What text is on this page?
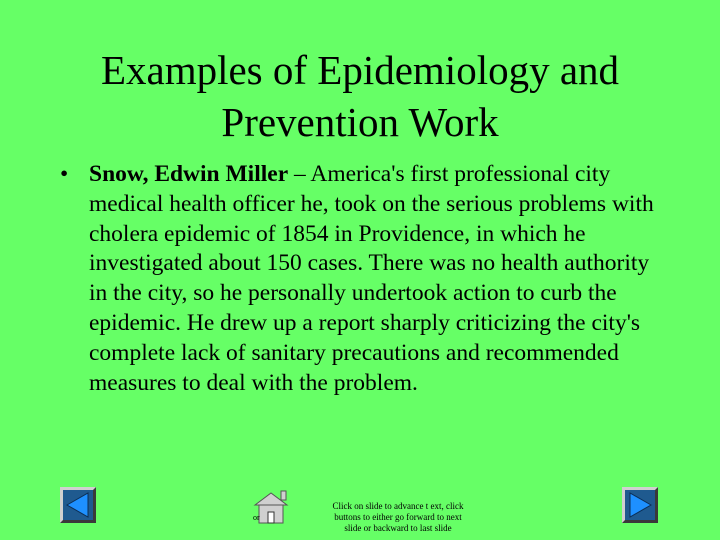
Examples of Epidemiology and
Prevention Work
• Snow, Edwin Miller – America's first professional city medical health officer he, took on the serious problems with cholera epidemic of 1854 in Providence, in which he investigated about 150 cases. There was no health authority in the city, so he personally undertook action to curb the epidemic. He drew up a report sharply criticizing the city's complete lack of sanitary precautions and recommended measures to deal with the problem.
or
Click on slide to advance t ext, click
buttons to either go forward to next
slide or backward to last slide
